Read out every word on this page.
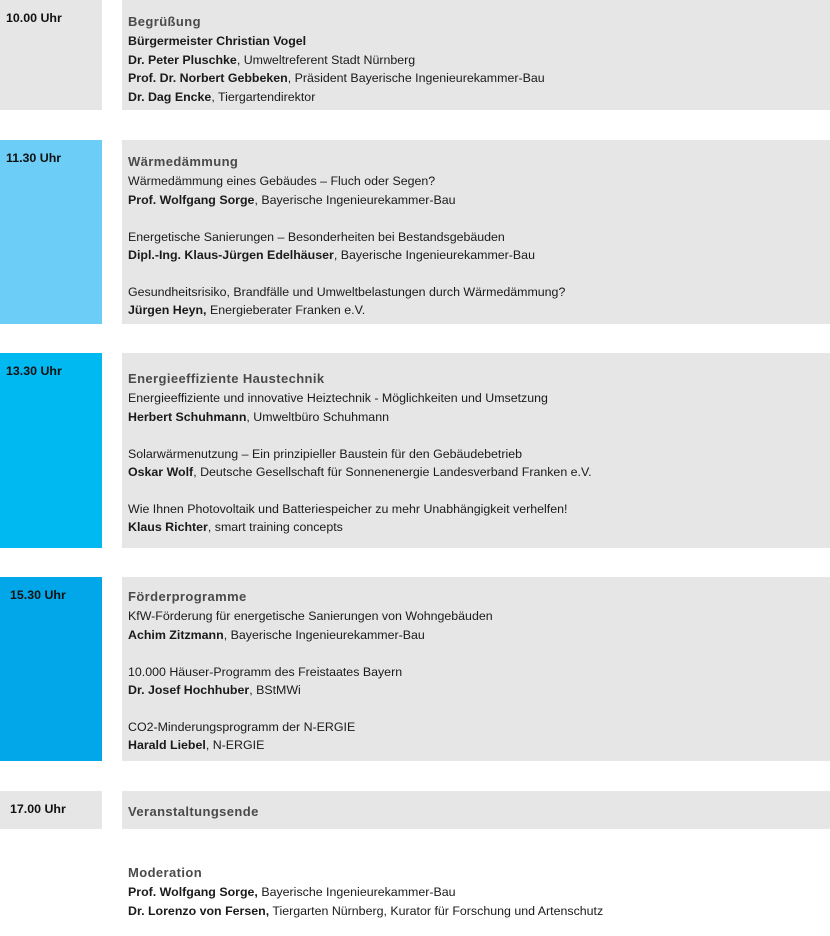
10.00 Uhr	Begrüßung
Bürgermeister Christian Vogel
Dr. Peter Pluschke, Umweltreferent Stadt Nürnberg
Prof. Dr. Norbert Gebbeken, Präsident Bayerische Ingenieurekammer-Bau
Dr. Dag Encke, Tiergartendirektor
11.30 Uhr	Wärmedämmung
Wärmedämmung eines Gebäudes – Fluch oder Segen?
Prof. Wolfgang Sorge, Bayerische Ingenieurekammer-Bau
Energetische Sanierungen – Besonderheiten bei Bestandsgebäuden
Dipl.-Ing. Klaus-Jürgen Edelhäuser, Bayerische Ingenieurekammer-Bau
Gesundheitsrisiko, Brandfälle und Umweltbelastungen durch Wärmedämmung?
Jürgen Heyn, Energieberater Franken e.V.
13.30 Uhr	Energieeffiziente Haustechnik
Energieeffiziente und innovative Heiztechnik - Möglichkeiten und Umsetzung
Herbert Schuhmann, Umweltbüro Schuhmann
Solarwärmenutzung – Ein prinzipieller Baustein für den Gebäudebetrieb
Oskar Wolf, Deutsche Gesellschaft für Sonnenenergie Landesverband Franken e.V.
Wie Ihnen Photovoltaik und Batteriespeicher zu mehr Unabhängigkeit verhelfen!
Klaus Richter, smart training concepts
15.30 Uhr	Förderprogramme
KfW-Förderung für energetische Sanierungen von Wohngebäuden
Achim Zitzmann, Bayerische Ingenieurekammer-Bau
10.000 Häuser-Programm des Freistaates Bayern
Dr. Josef Hochhuber, BStMWi
CO2-Minderungsprogramm der N-ERGIE
Harald Liebel, N-ERGIE
17.00 Uhr	Veranstaltungsende
Moderation
Prof. Wolfgang Sorge, Bayerische Ingenieurekammer-Bau
Dr. Lorenzo von Fersen, Tiergarten Nürnberg, Kurator für Forschung und Artenschutz
